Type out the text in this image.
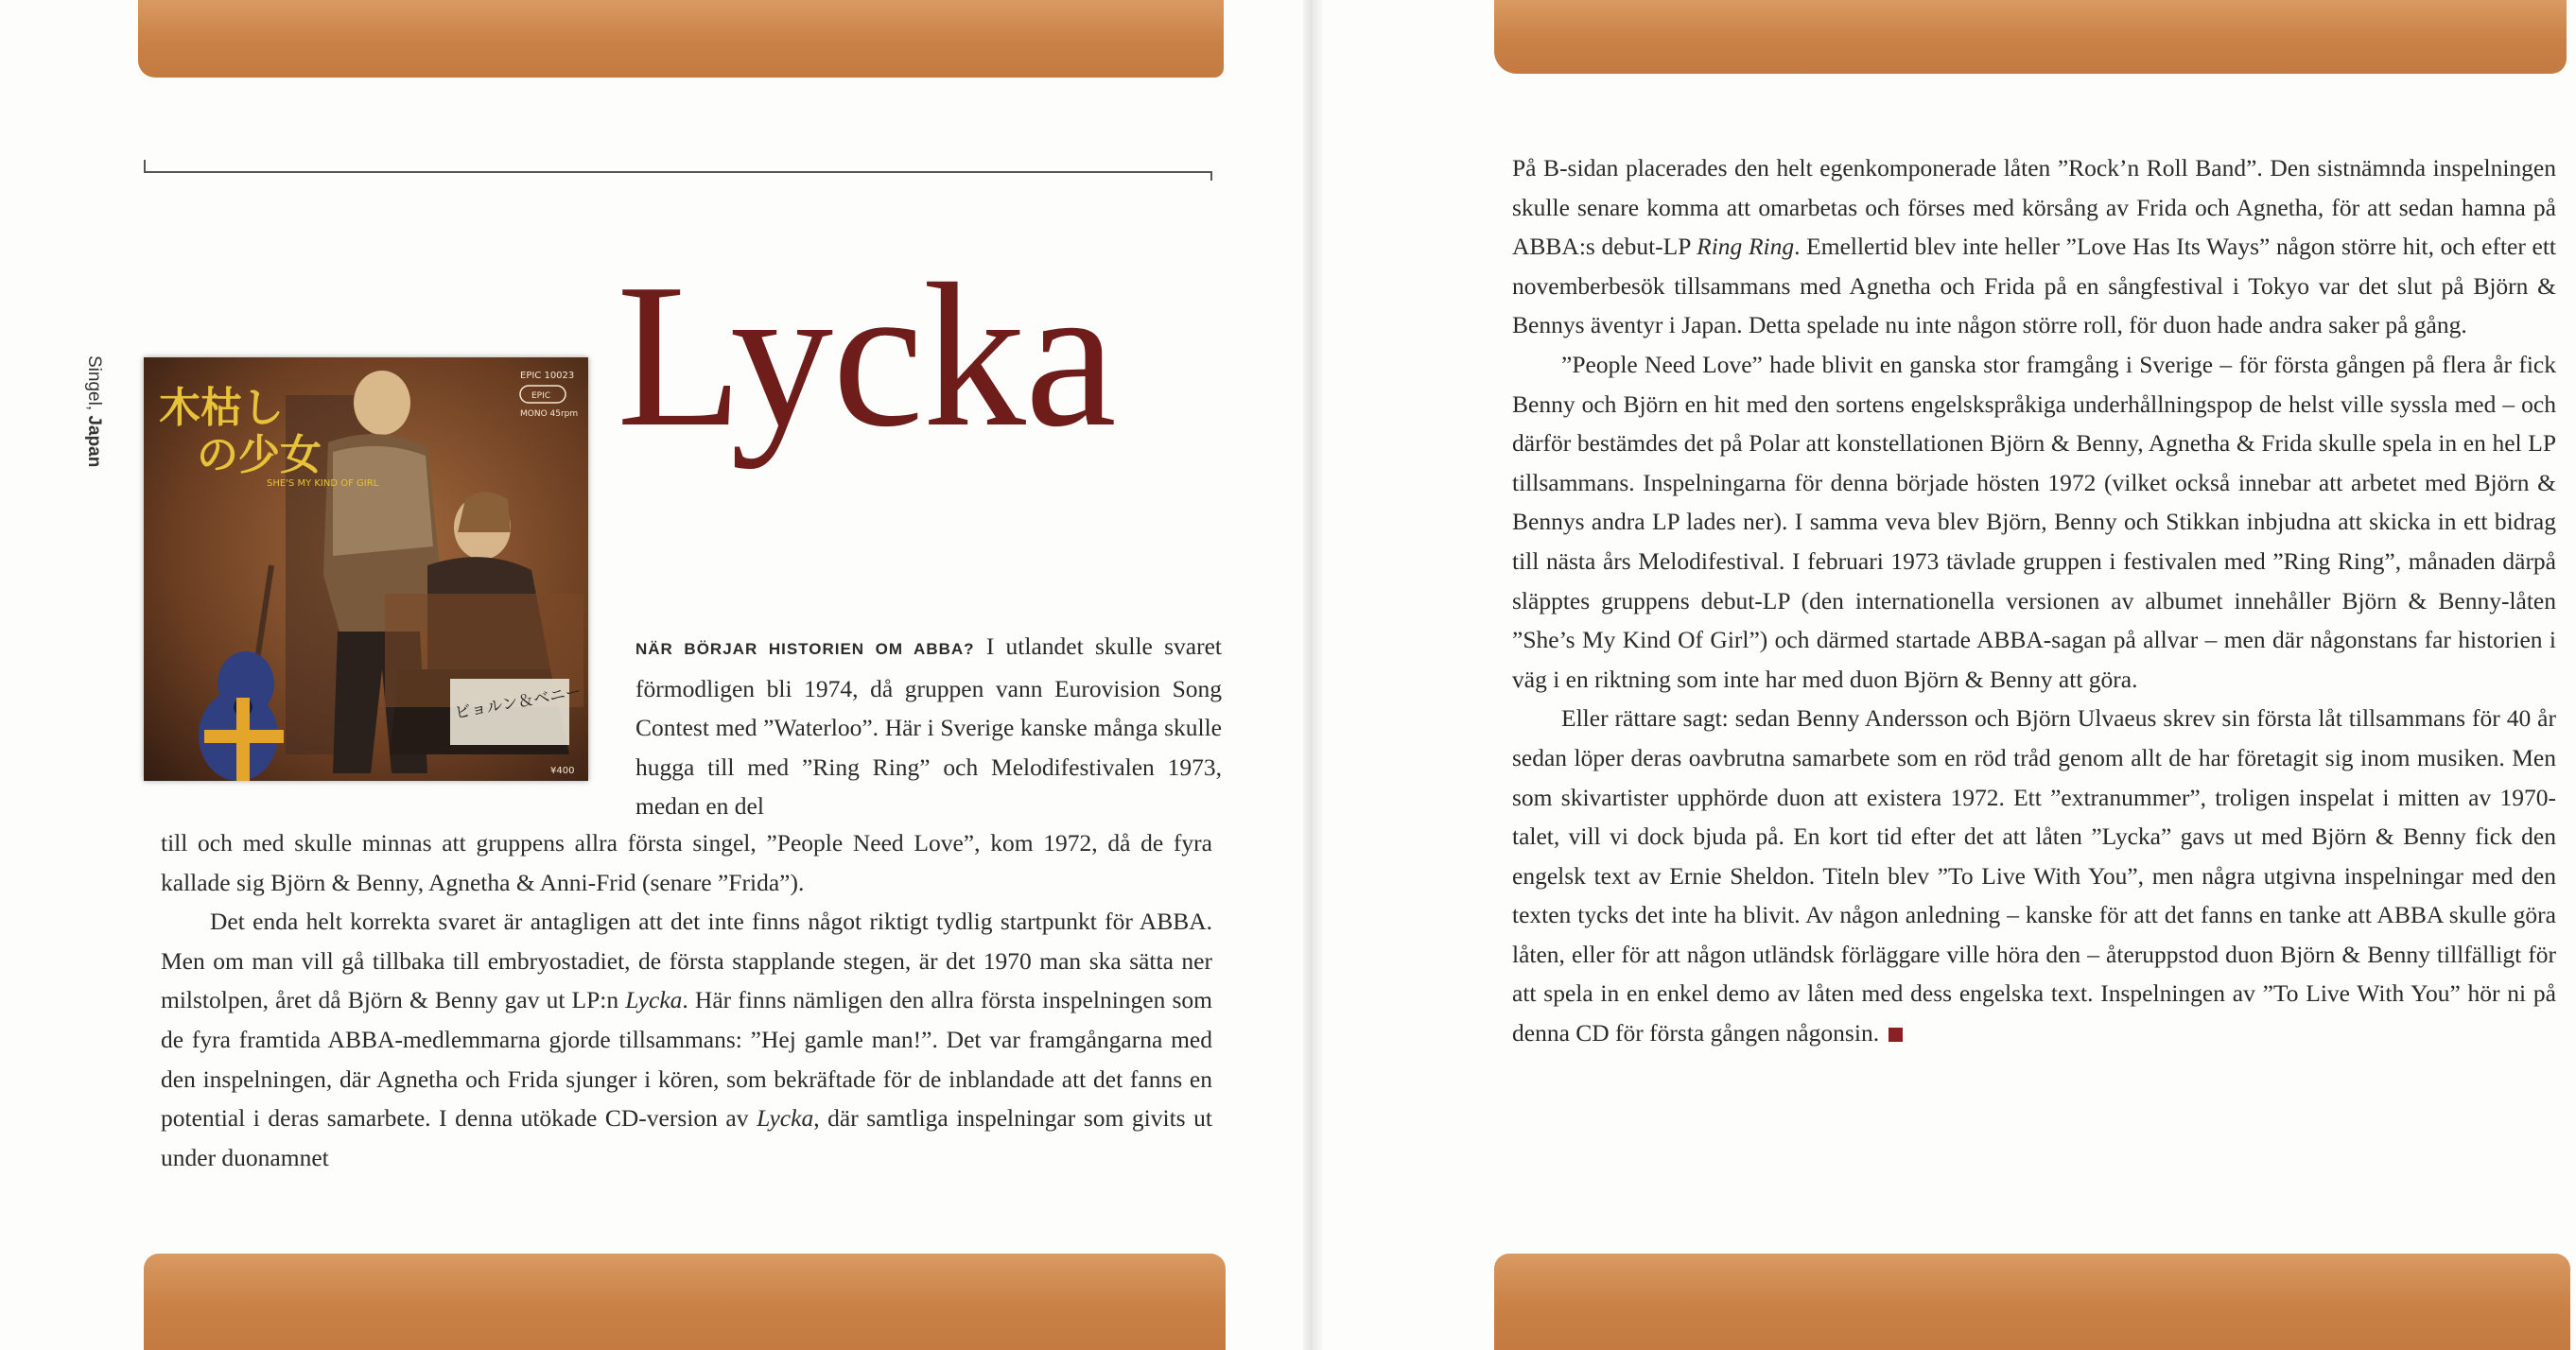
Singel, Japan
ビョルン＆ベニー
木枯し
の少女
SHE'S MY KIND OF GIRL
EPIC 10023
EPIC
MONO 45rpm
¥400
Lycka

NÄR BÖRJAR HISTORIEN OM ABBA? I utlandet skulle svaret förmodligen bli 1974, då gruppen vann Eurovision Song Contest med ”Waterloo”. Här i Sverige kanske många skulle hugga till med ”Ring Ring” och Melodifestivalen 1973, medan en del

till och med skulle minnas att gruppens allra första singel, ”People Need Love”, kom 1972, då de fyra kallade sig Björn & Benny, Agnetha & Anni-Frid (senare ”Frida”).

Det enda helt korrekta svaret är antagligen att det inte finns något riktigt tydlig startpunkt för ABBA. Men om man vill gå tillbaka till embryostadiet, de första stapplande stegen, är det 1970 man ska sätta ner milstolpen, året då Björn & Benny gav ut LP:n Lycka. Här finns nämligen den allra första inspelningen som de fyra framtida ABBA-medlemmarna gjorde tillsammans: ”Hej gamle man!”. Det var framgångarna med den inspelningen, där Agnetha och Frida sjunger i kören, som bekräftade för de inblandade att det fanns en potential i deras samarbete. I denna utökade CD-version av Lycka, där samtliga inspelningar som givits ut under duonamnet

På B-sidan placerades den helt egenkomponerade låten ”Rock’n Roll Band”. Den sistnämnda inspelningen skulle senare komma att omarbetas och förses med körsång av Frida och Agnetha, för att sedan hamna på ABBA:s debut-LP Ring Ring. Emellertid blev inte heller ”Love Has Its Ways” någon större hit, och efter ett novemberbesök tillsammans med Agnetha och Frida på en sångfestival i Tokyo var det slut på Björn & Bennys äventyr i Japan. Detta spelade nu inte någon större roll, för duon hade andra saker på gång.

”People Need Love” hade blivit en ganska stor framgång i Sverige – för första gången på flera år fick Benny och Björn en hit med den sortens engelskspråkiga underhållningspop de helst ville syssla med – och därför bestämdes det på Polar att konstellationen Björn & Benny, Agnetha & Frida skulle spela in en hel LP tillsammans. Inspelningarna för denna började hösten 1972 (vilket också innebar att arbetet med Björn & Bennys andra LP lades ner). I samma veva blev Björn, Benny och Stikkan inbjudna att skicka in ett bidrag till nästa års Melodifestival. I februari 1973 tävlade gruppen i festivalen med ”Ring Ring”, månaden därpå släpptes gruppens debut-LP (den internationella versionen av albumet innehåller Björn & Benny-låten ”She’s My Kind Of Girl”) och därmed startade ABBA-sagan på allvar – men där någonstans far historien i väg i en riktning som inte har med duon Björn & Benny att göra.

Eller rättare sagt: sedan Benny Andersson och Björn Ulvaeus skrev sin första låt tillsammans för 40 år sedan löper deras oavbrutna samarbete som en röd tråd genom allt de har företagit sig inom musiken. Men som skivartister upphörde duon att existera 1972. Ett ”extranummer”, troligen inspelat i mitten av 1970-talet, vill vi dock bjuda på. En kort tid efter det att låten ”Lycka” gavs ut med Björn & Benny fick den engelsk text av Ernie Sheldon. Titeln blev ”To Live With You”, men några utgivna inspelningar med den texten tycks det inte ha blivit. Av någon anledning – kanske för att det fanns en tanke att ABBA skulle göra låten, eller för att någon utländsk förläggare ville höra den – återuppstod duon Björn & Benny tillfälligt för att spela in en enkel demo av låten med dess engelska text. Inspelningen av ”To Live With You” hör ni på denna CD för första gången någonsin.
